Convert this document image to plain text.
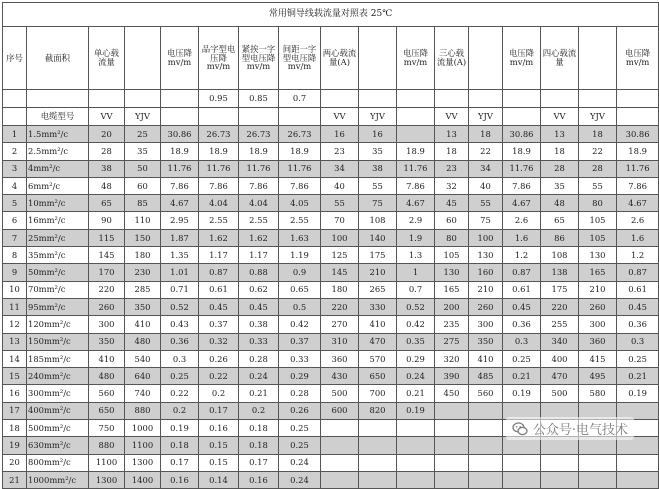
常用铜导线载流量对照表 25℃																
序号	截面积	单心载流量		电压降mv/m	品字型电压降mv/m	紧挨一字型电压降mv/m	间距一字型电压降mv/m	两心载流量(A)		电压降mv/m	三心载流量(A)		电压降mv/m	四心载流量		电压降mv/m
					0.95	0.85	0.7									
	电缆型号	VV	YJV					VV	YJV		VV	YJV		VV	YJV	
1	1.5mm²/c	20	25	30.86	26.73	26.73	26.73	16	16		13	18	30.86	13	18	30.86
2	2.5mm²/c	28	35	18.9	18.9	18.9	18.9	23	35	18.9	18	22	18.9	18	22	18.9
3	4mm²/c	38	50	11.76	11.76	11.76	11.76	34	38	11.76	23	34	11.76	28	28	11.76
4	6mm²/c	48	60	7.86	7.86	7.86	7.86	40	55	7.86	32	40	7.86	35	55	7.86
5	10mm²/c	65	85	4.67	4.04	4.04	4.05	55	75	4.67	45	55	4.67	48	80	4.67
6	16mm²/c	90	110	2.95	2.55	2.55	2.55	70	108	2.9	60	75	2.6	65	105	2.6
7	25mm²/c	115	150	1.87	1.62	1.62	1.63	100	140	1.9	80	100	1.6	86	105	1.6
8	35mm²/c	145	180	1.35	1.17	1.17	1.19	125	175	1.3	105	130	1.2	108	130	1.2
9	50mm²/c	170	230	1.01	0.87	0.88	0.9	145	210	1	130	160	0.87	138	165	0.87
10	70mm²/c	220	285	0.71	0.61	0.62	0.65	180	265	0.7	165	210	0.61	175	210	0.61
11	95mm²/c	260	350	0.52	0.45	0.45	0.5	220	330	0.52	200	260	0.45	220	260	0.45
12	120mm²/c	300	410	0.43	0.37	0.38	0.42	270	410	0.42	235	300	0.36	255	300	0.36
13	150mm²/c	350	480	0.36	0.32	0.33	0.37	310	470	0.35	275	350	0.3	340	360	0.3
14	185mm²/c	410	540	0.3	0.26	0.28	0.33	360	570	0.29	320	410	0.25	400	415	0.25
15	240mm²/c	480	640	0.25	0.22	0.24	0.29	430	650	0.24	390	485	0.21	470	495	0.21
16	300mm²/c	560	740	0.22	0.2	0.21	0.28	500	700	0.21	450	560	0.19	500	580	0.19
17	400mm²/c	650	880	0.2	0.17	0.2	0.26	600	820	0.19						
18	500mm²/c	750	1000	0.19	0.16	0.18	0.25									
19	630mm²/c	880	1100	0.18	0.15	0.18	0.25									
20	800mm²/c	1100	1300	0.17	0.15	0.17	0.24									
21	1000mm²/c	1300	1400	0.16	0.14	0.16	0.24									
公众号·电气技术
